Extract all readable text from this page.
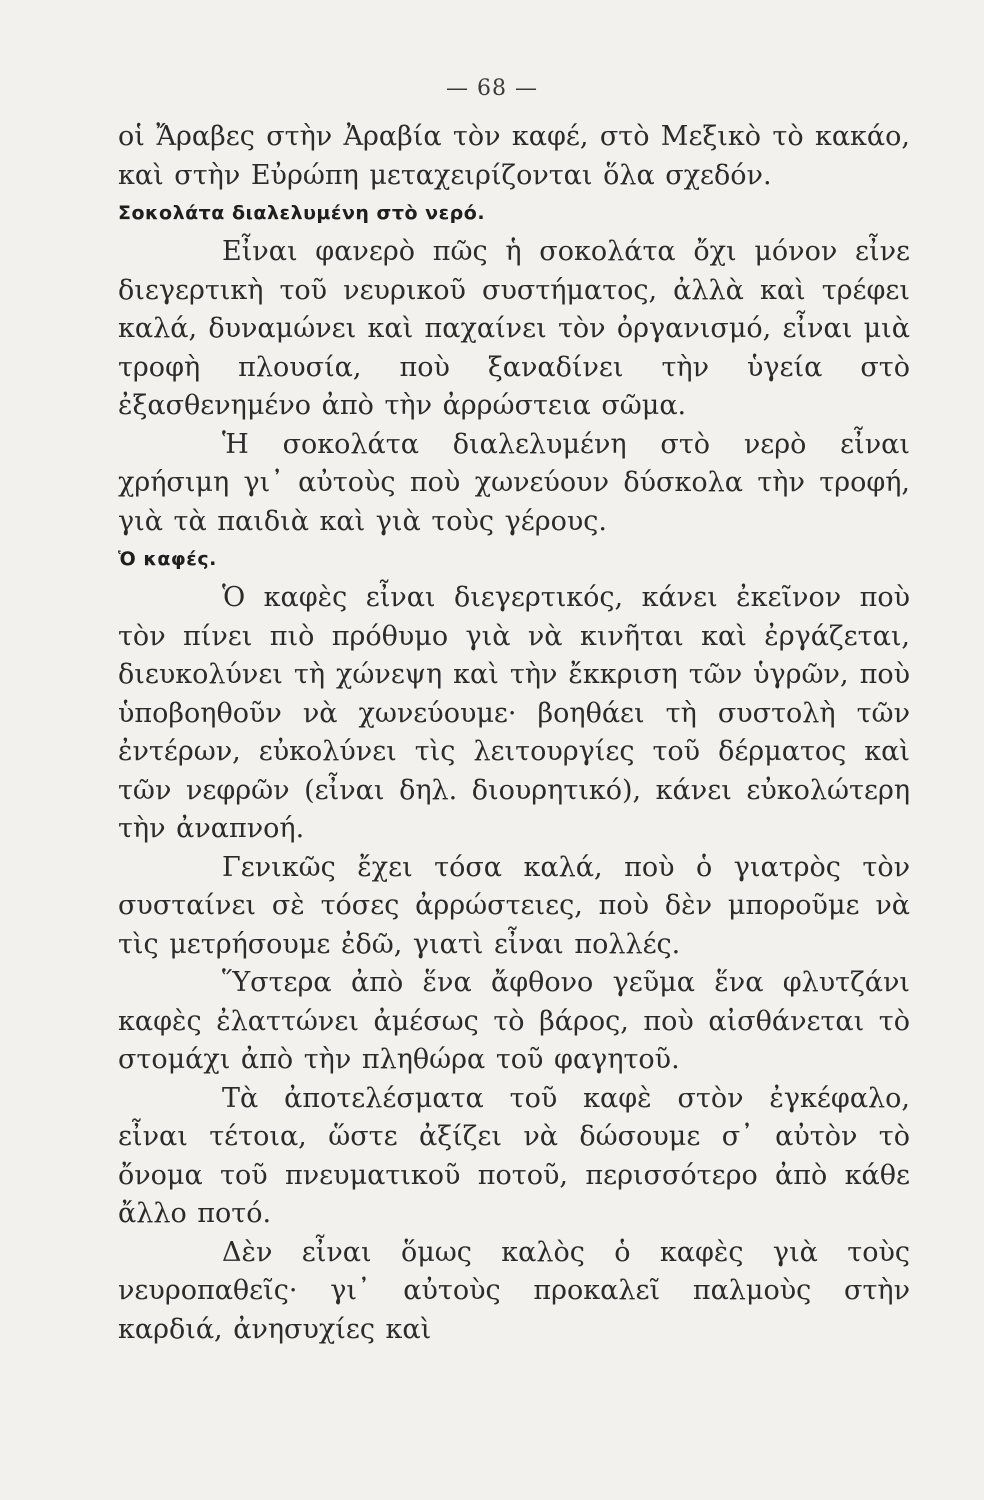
— 68 —

οἱ Ἄραβες στὴν Ἀραβία τὸν καφέ, στὸ Μεξικὸ τὸ κακάο, καὶ στὴν Εὐρώπη μεταχειρίζονται ὅλα σχεδόν.

Σοκολάτα διαλελυμένη στὸ νερό.

Εἶναι φανερὸ πῶς ἡ σοκολάτα ὄχι μόνον εἶνε διεγερτικὴ τοῦ νευρικοῦ συστήματος, ἀλλὰ καὶ τρέφει καλά, δυναμώνει καὶ παχαίνει τὸν ὀργανισμό, εἶναι μιὰ τροφὴ πλουσία, ποὺ ξαναδίνει τὴν ὑγεία στὸ ἐξασθενημένο ἀπὸ τὴν ἀρρώστεια σῶμα.

Ἡ σοκολάτα διαλελυμένη στὸ νερὸ εἶναι χρήσιμη γι᾽ αὐτοὺς ποὺ χωνεύουν δύσκολα τὴν τροφή, γιὰ τὰ παιδιὰ καὶ γιὰ τοὺς γέρους.

Ὁ καφές.

Ὁ καφὲς εἶναι διεγερτικός, κάνει ἐκεῖνον ποὺ τὸν πίνει πιὸ πρόθυμο γιὰ νὰ κινῆται καὶ ἐργάζεται, διευκολύνει τὴ χώνεψη καὶ τὴν ἔκκριση τῶν ὑγρῶν, ποὺ ὑποβοηθοῦν νὰ χωνεύουμε· βοηθάει τὴ συστολὴ τῶν ἐντέρων, εὐκολύνει τὶς λειτουργίες τοῦ δέρματος καὶ τῶν νεφρῶν (εἶναι δηλ. διουρητικό), κάνει εὐκολώτερη τὴν ἀναπνοή.

Γενικῶς ἔχει τόσα καλά, ποὺ ὁ γιατρὸς τὸν συσταίνει σὲ τόσες ἀρρώστειες, ποὺ δὲν μποροῦμε νὰ τὶς μετρήσουμε ἐδῶ, γιατὶ εἶναι πολλές.

Ὕστερα ἀπὸ ἕνα ἄφθονο γεῦμα ἕνα φλυτζάνι καφὲς ἐλαττώνει ἀμέσως τὸ βάρος, ποὺ αἰσθάνεται τὸ στομάχι ἀπὸ τὴν πληθώρα τοῦ φαγητοῦ.

Τὰ ἀποτελέσματα τοῦ καφὲ στὸν ἐγκέφαλο, εἶναι τέτοια, ὥστε ἀξίζει νὰ δώσουμε σ᾽ αὐτὸν τὸ ὄνομα τοῦ πνευματικοῦ ποτοῦ, περισσότερο ἀπὸ κάθε ἄλλο ποτό.

Δὲν εἶναι ὅμως καλὸς ὁ καφὲς γιὰ τοὺς νευροπαθεῖς· γι᾽ αὐτοὺς προκαλεῖ παλμοὺς στὴν καρδιά, ἀνησυχίες καὶ
